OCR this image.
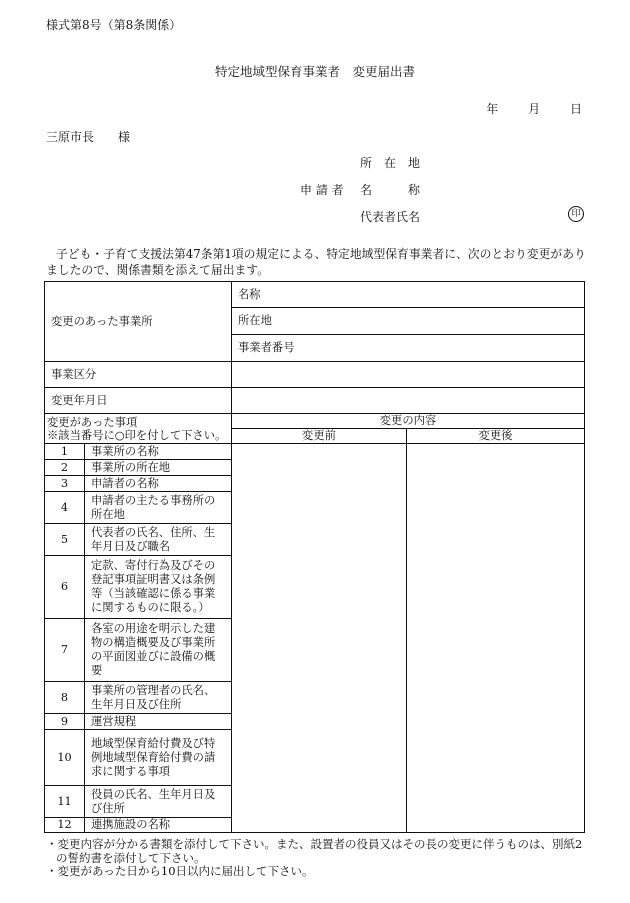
様式第8号（第8条関係）
特定地域型保育事業者　変更届出書
年 月 日
三原市長　　様
所　在　地
申 請 者 名　　　称
代表者氏名	印
子ども・子育て支援法第47条第1項の規定による、特定地域型保育事業者に、次のとおり変更がありましたので、関係書類を添えて届出ます。
変更のあった事業所		名称	
		所在地	
		事業者番号	
事業区分			
変更年月日			

変更があった事項
※該当番号に○印を付して下さい。		変更の内容	
		変更前	変更後
1	事業所の名称		
2	事業所の所在地		
3	申請者の名称		
4	申請者の主たる事務所の所在地		
5	代表者の氏名、住所、生年月日及び職名		
6	定款、寄付行為及びその登記事項証明書又は条例等（当該確認に係る事業に関するものに限る。）		
7	各室の用途を明示した建物の構造概要及び事業所の平面図並びに設備の概要		
8	事業所の管理者の氏名、生年月日及び住所		
9	運営規程		
10	地域型保育給付費及び特例地域型保育給付費の請求に関する事項		
11	役員の氏名、生年月日及び住所		
12	連携施設の名称		
・変更内容が分かる書類を添付して下さい。また、設置者の役員又はその長の変更に伴うものは、別紙2の誓約書を添付して下さい。
・変更があった日から10日以内に届出して下さい。
